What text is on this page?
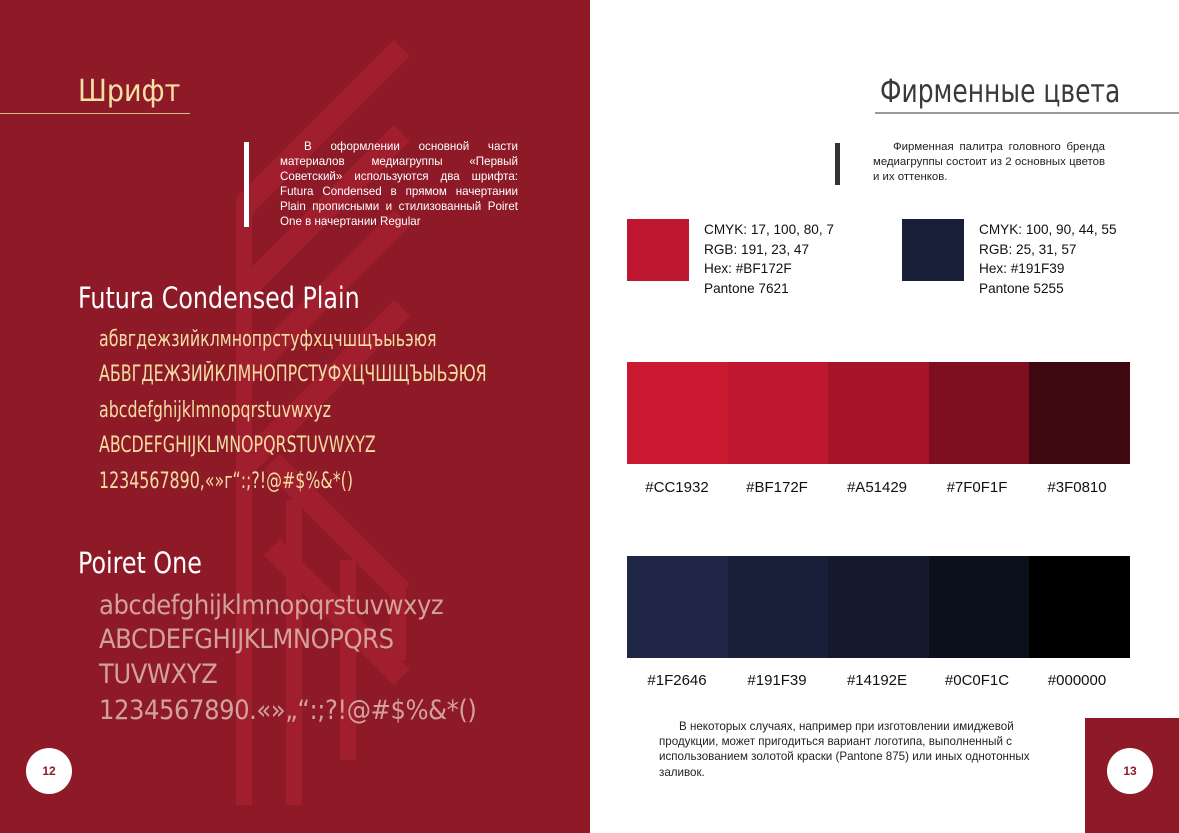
Шрифт

В оформлении основной части материалов медиагруппы «Первый Советский» используются два шрифта: Futura Condensed в прямом начертании Plain прописными и стилизованный Poiret One в начертании Regular

Futura Condensed Plain

абвгдежзийклмнопрстуфхцчшщъыьэюя

АБВГДЕЖЗИЙКЛМНОПРСТУФХЦЧШЩЪЫЬЭЮЯ

abcdefghijklmnopqrstuvwxyz

ABCDEFGHIJKLMNOPQRSTUVWXYZ

1234567890,«»г“:;?!@#$%&*()

Poiret One

abcdefghijklmnopqrstuvwxyz

ABCDEFGHIJKLMNOPQRS

TUVWXYZ

1234567890.«»„“:;?!@#$%&*()

12
Фирменные цвета

Фирменная палитра головного бренда медиагруппы состоит из 2 основных цветов и их оттенков.

CMYK: 17, 100, 80, 7
RGB: 191, 23, 47
Hex: #BF172F
Pantone 7621
CMYK: 100, 90, 44, 55
RGB: 25, 31, 57
Hex: #191F39
Pantone 5255
#CC1932	#BF172F	#A51429	#7F0F1F	#3F0810
#1F2646	#191F39	#14192E	#0C0F1C	#000000

В некоторых случаях, например при изготовлении имиджевой продукции, может пригодиться вариант логотипа, выполненный с использованием золотой краски (Pantone 875) или иных однотонных заливок.	13
